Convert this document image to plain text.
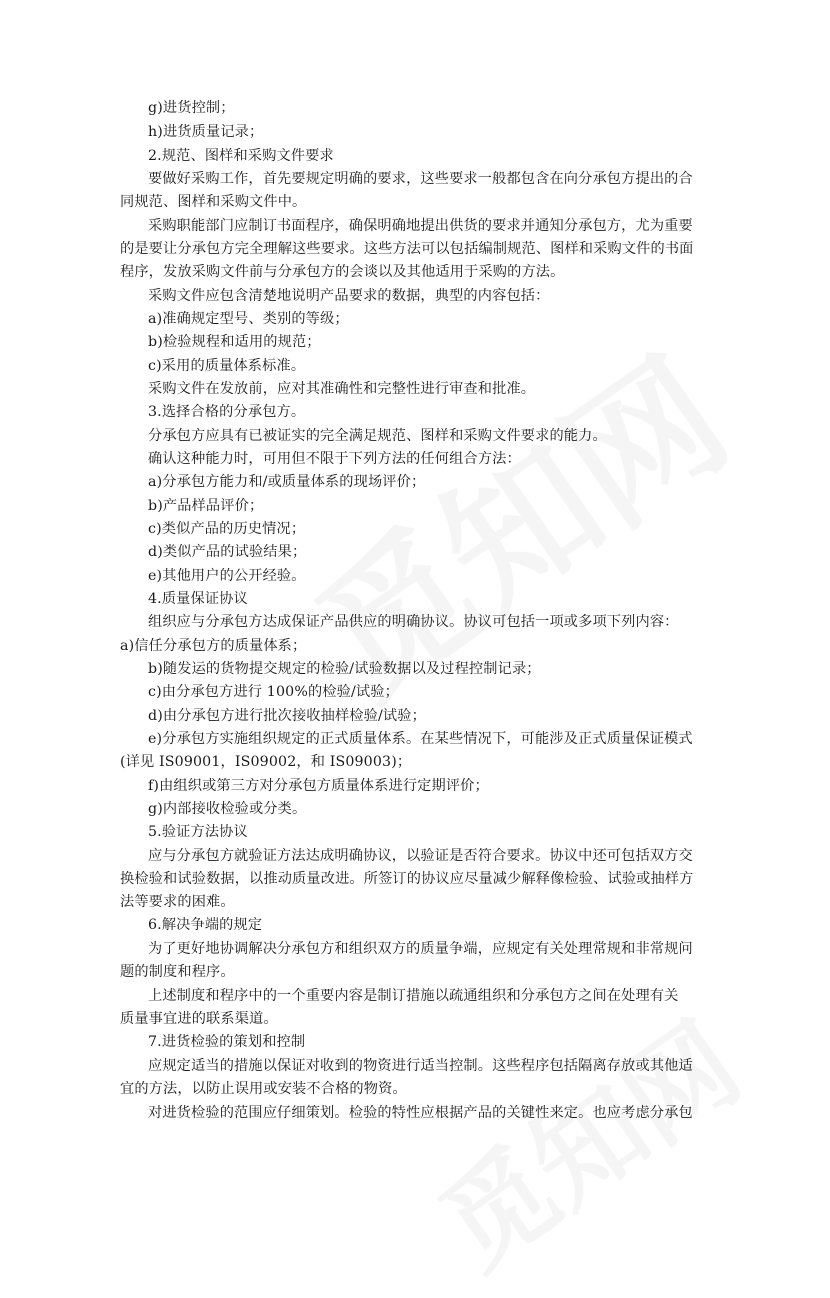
g)进货控制；
h)进货质量记录；
2.规范、图样和采购文件要求
要做好采购工作，首先要规定明确的要求，这些要求一般都包含在向分承包方提出的合
同规范、图样和采购文件中。
采购职能部门应制订书面程序，确保明确地提出供货的要求并通知分承包方，尤为重要
的是要让分承包方完全理解这些要求。这些方法可以包括编制规范、图样和采购文件的书面
程序，发放采购文件前与分承包方的会谈以及其他适用于采购的方法。
采购文件应包含清楚地说明产品要求的数据，典型的内容包括：
a)准确规定型号、类别的等级；
b)检验规程和适用的规范；
c)采用的质量体系标准。
采购文件在发放前，应对其准确性和完整性进行审查和批准。
3.选择合格的分承包方。
分承包方应具有已被证实的完全满足规范、图样和采购文件要求的能力。
确认这种能力时，可用但不限于下列方法的任何组合方法：
a)分承包方能力和/或质量体系的现场评价；
b)产品样品评价；
c)类似产品的历史情况；
d)类似产品的试验结果；
e)其他用户的公开经验。
4.质量保证协议
组织应与分承包方达成保证产品供应的明确协议。协议可包括一项或多项下列内容：
a)信任分承包方的质量体系；
b)随发运的货物提交规定的检验/试验数据以及过程控制记录；
c)由分承包方进行 100%的检验/试验；
d)由分承包方进行批次接收抽样检验/试验；
e)分承包方实施组织规定的正式质量体系。在某些情况下，可能涉及正式质量保证模式
(详见 IS09001，IS09002，和 IS09003)；
f)由组织或第三方对分承包方质量体系进行定期评价；
g)内部接收检验或分类。
5.验证方法协议
应与分承包方就验证方法达成明确协议，以验证是否符合要求。协议中还可包括双方交
换检验和试验数据，以推动质量改进。所签订的协议应尽量减少解释像检验、试验或抽样方
法等要求的困难。
6.解决争端的规定
为了更好地协调解决分承包方和组织双方的质量争端，应规定有关处理常规和非常规问
题的制度和程序。
上述制度和程序中的一个重要内容是制订措施以疏通组织和分承包方之间在处理有关
质量事宜进的联系渠道。
7.进货检验的策划和控制
应规定适当的措施以保证对收到的物资进行适当控制。这些程序包括隔离存放或其他适
宜的方法，以防止误用或安装不合格的物资。
对进货检验的范围应仔细策划。检验的特性应根据产品的关键性来定。也应考虑分承包
